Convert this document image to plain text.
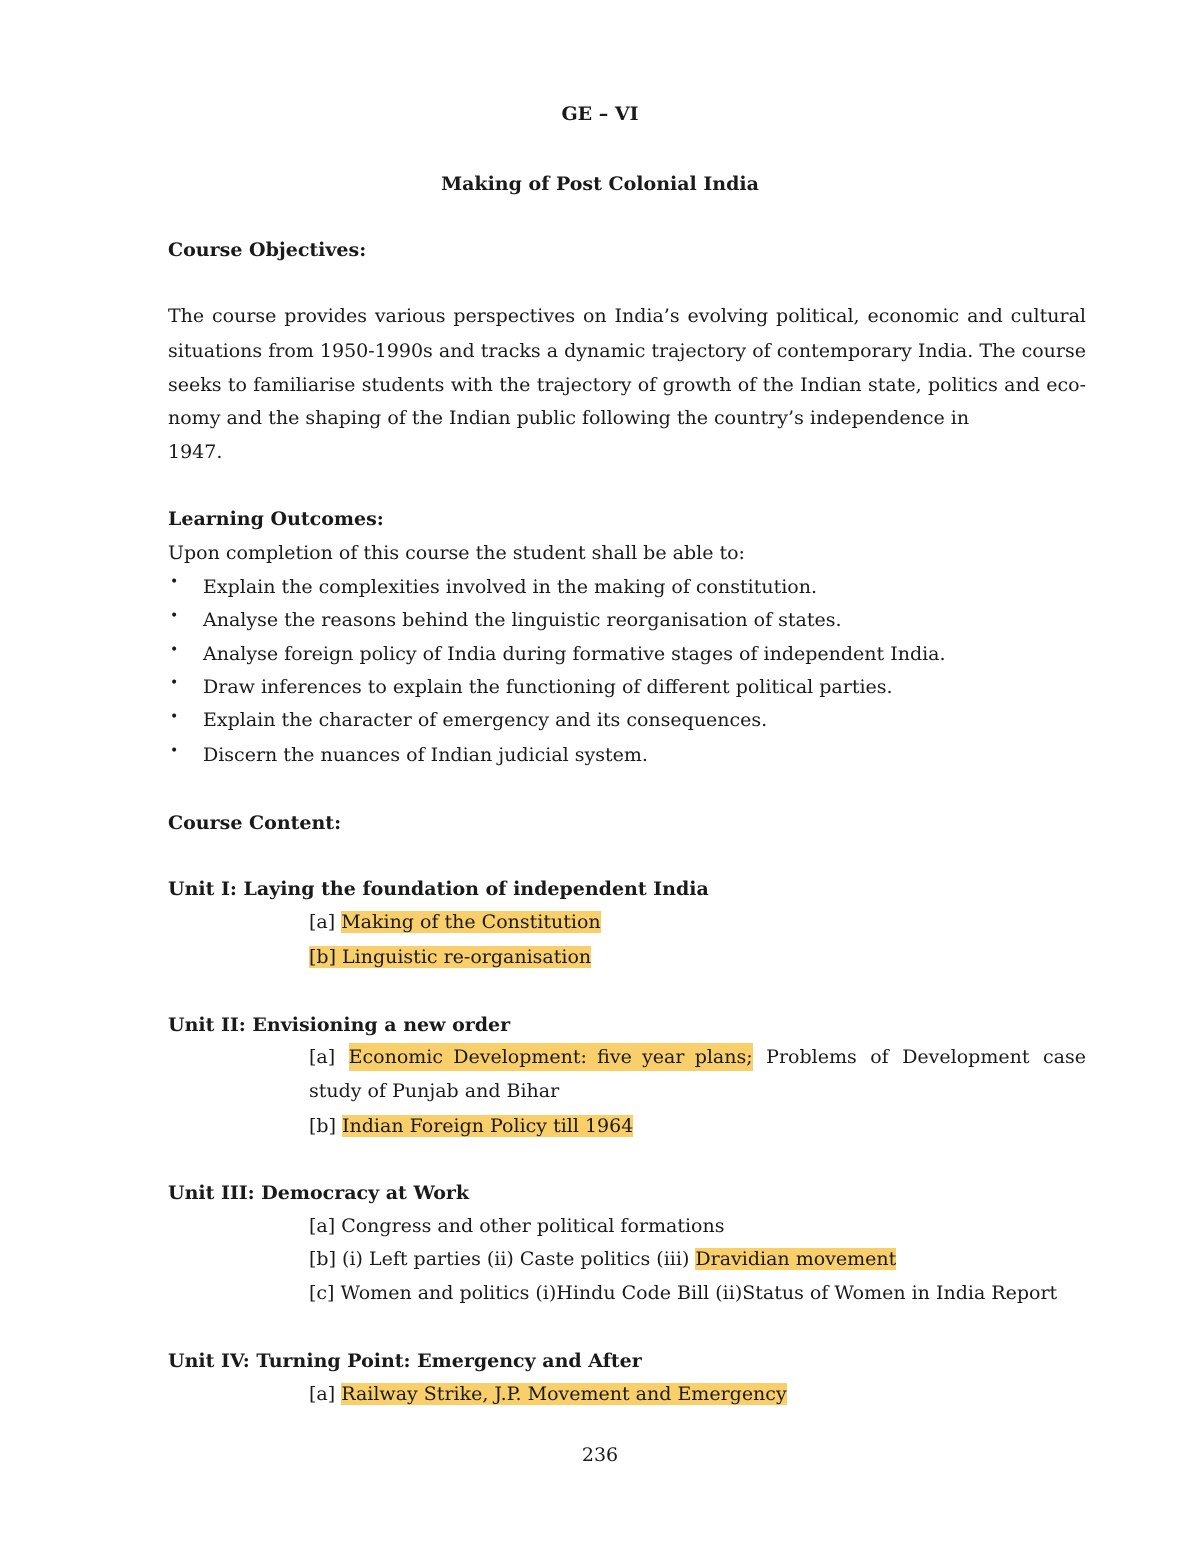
GE – VI
Making of Post Colonial India
Course Objectives:
The course provides various perspectives on India’s evolving political, economic and cultural
situations from 1950-1990s and tracks a dynamic trajectory of contemporary India. The course
seeks to familiarise students with the trajectory of growth of the Indian state, politics and eco-
nomy and the shaping of the Indian public following the country’s independence in
1947.
Learning Outcomes:
Upon completion of this course the student shall be able to:
• Explain the complexities involved in the making of constitution.
• Analyse the reasons behind the linguistic reorganisation of states.
• Analyse foreign policy of India during formative stages of independent India.
• Draw inferences to explain the functioning of different political parties.
• Explain the character of emergency and its consequences.
• Discern the nuances of Indian judicial system.
Course Content:
Unit I: Laying the foundation of independent India
[a] Making of the Constitution
[b] Linguistic re-organisation
Unit II: Envisioning a new order
[a] Economic Development: five year plans; Problems of Development case
study of Punjab and Bihar
[b] Indian Foreign Policy till 1964
Unit III: Democracy at Work
[a] Congress and other political formations
[b] (i) Left parties (ii) Caste politics (iii) Dravidian movement
[c] Women and politics (i)Hindu Code Bill (ii)Status of Women in India Report
Unit IV: Turning Point: Emergency and After
[a] Railway Strike, J.P. Movement and Emergency
236
